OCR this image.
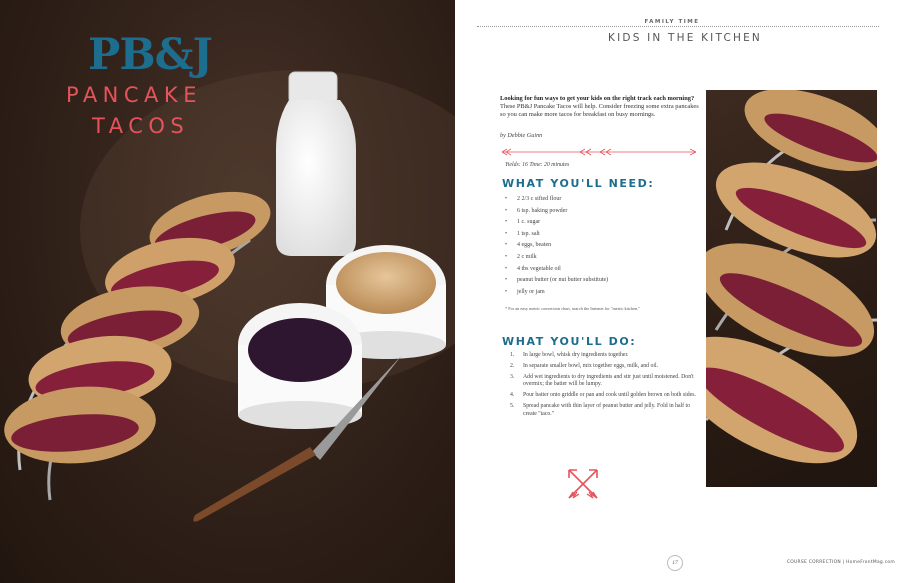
PB&J
PANCAKE
TACOS
FAMILY TIME
KIDS IN THE KITCHEN
Looking for fun ways to get your kids on the right track each morning? These PB&J Pancake Tacos will help. Consider freezing some extra pancakes so you can make more tacos for breakfast on busy mornings.
by Debbie Guinn
Yields: 16 Time: 20 minutes
WHAT YOU'LL NEED:
• 2 2/3 c sifted flour
• 6 tsp. baking powder
• 1 c. sugar
• 1 tsp. salt
• 4 eggs, beaten
• 2 c milk
• 4 tbs vegetable oil
• peanut butter (or nut butter substitute)
• jelly or jam
* For an easy metric conversion chart, search the Internet for "metric kitchen."
WHAT YOU'LL DO:
1. In large bowl, whisk dry ingredients together.
2. In separate smaller bowl, mix together eggs, milk, and oil.
3. Add wet ingredients to dry ingredients and stir just until moistened. Don't overmix; the batter will be lumpy.
4. Pour batter onto griddle or pan and cook until golden brown on both sides.
5. Spread pancake with thin layer of peanut butter and jelly. Fold in half to create "taco."
17	COURSE CORRECTION | HomeFrontMag.com
